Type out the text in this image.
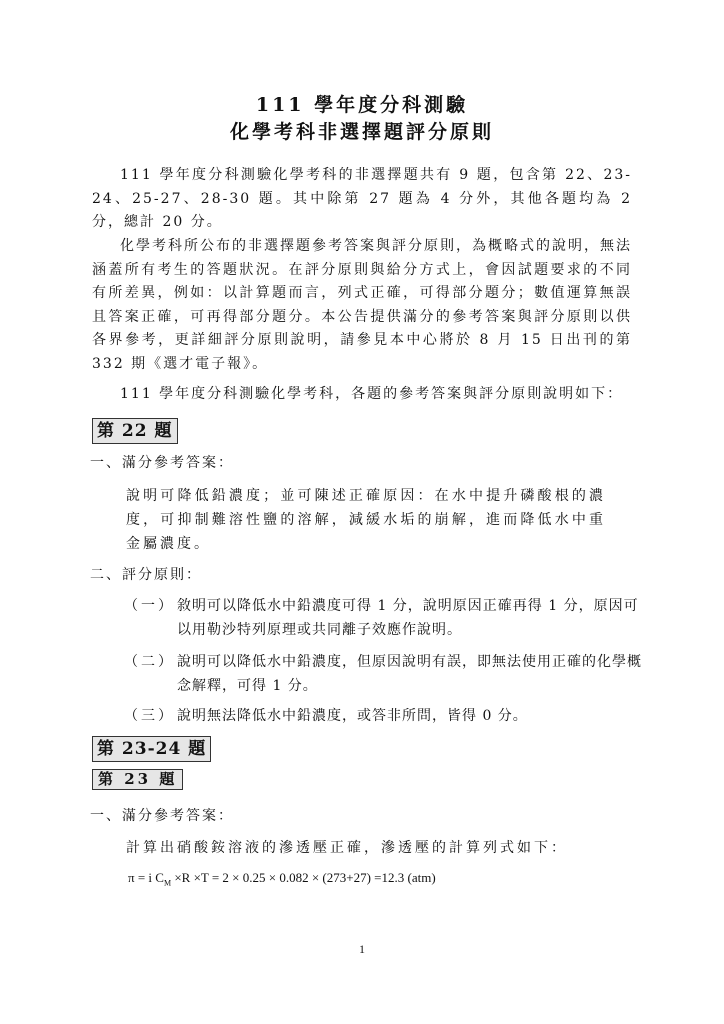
111 學年度分科測驗
化學考科非選擇題評分原則
111 學年度分科測驗化學考科的非選擇題共有 9 題，包含第 22、23-24、25-27、28-30 題。其中除第 27 題為 4 分外，其他各題均為 2 分，總計 20 分。
化學考科所公布的非選擇題參考答案與評分原則，為概略式的說明，無法涵蓋所有考生的答題狀況。在評分原則與給分方式上，會因試題要求的不同有所差異，例如：以計算題而言，列式正確，可得部分題分；數值運算無誤且答案正確，可再得部分題分。本公告提供滿分的參考答案與評分原則以供各界參考，更詳細評分原則說明，請參見本中心將於 8 月 15 日出刊的第 332 期《選才電子報》。
111 學年度分科測驗化學考科，各題的參考答案與評分原則說明如下：
第 22 題
一、滿分參考答案：
說明可降低鉛濃度；並可陳述正確原因：在水中提升磷酸根的濃度，可抑制難溶性鹽的溶解，減緩水垢的崩解，進而降低水中重金屬濃度。
二、評分原則：
（一） 敘明可以降低水中鉛濃度可得 1 分，說明原因正確再得 1 分，原因可以用勒沙特列原理或共同離子效應作說明。
（二） 說明可以降低水中鉛濃度，但原因說明有誤，即無法使用正確的化學概念解釋，可得 1 分。
（三） 說明無法降低水中鉛濃度，或答非所問，皆得 0 分。
第 23-24 題
第 23 題
一、滿分參考答案：
計算出硝酸銨溶液的滲透壓正確，滲透壓的計算列式如下：
π = i $C_M \times R \times T = 2 \times 0.25 \times 0.082 \times (273+27) =12.3$ (atm)
1
